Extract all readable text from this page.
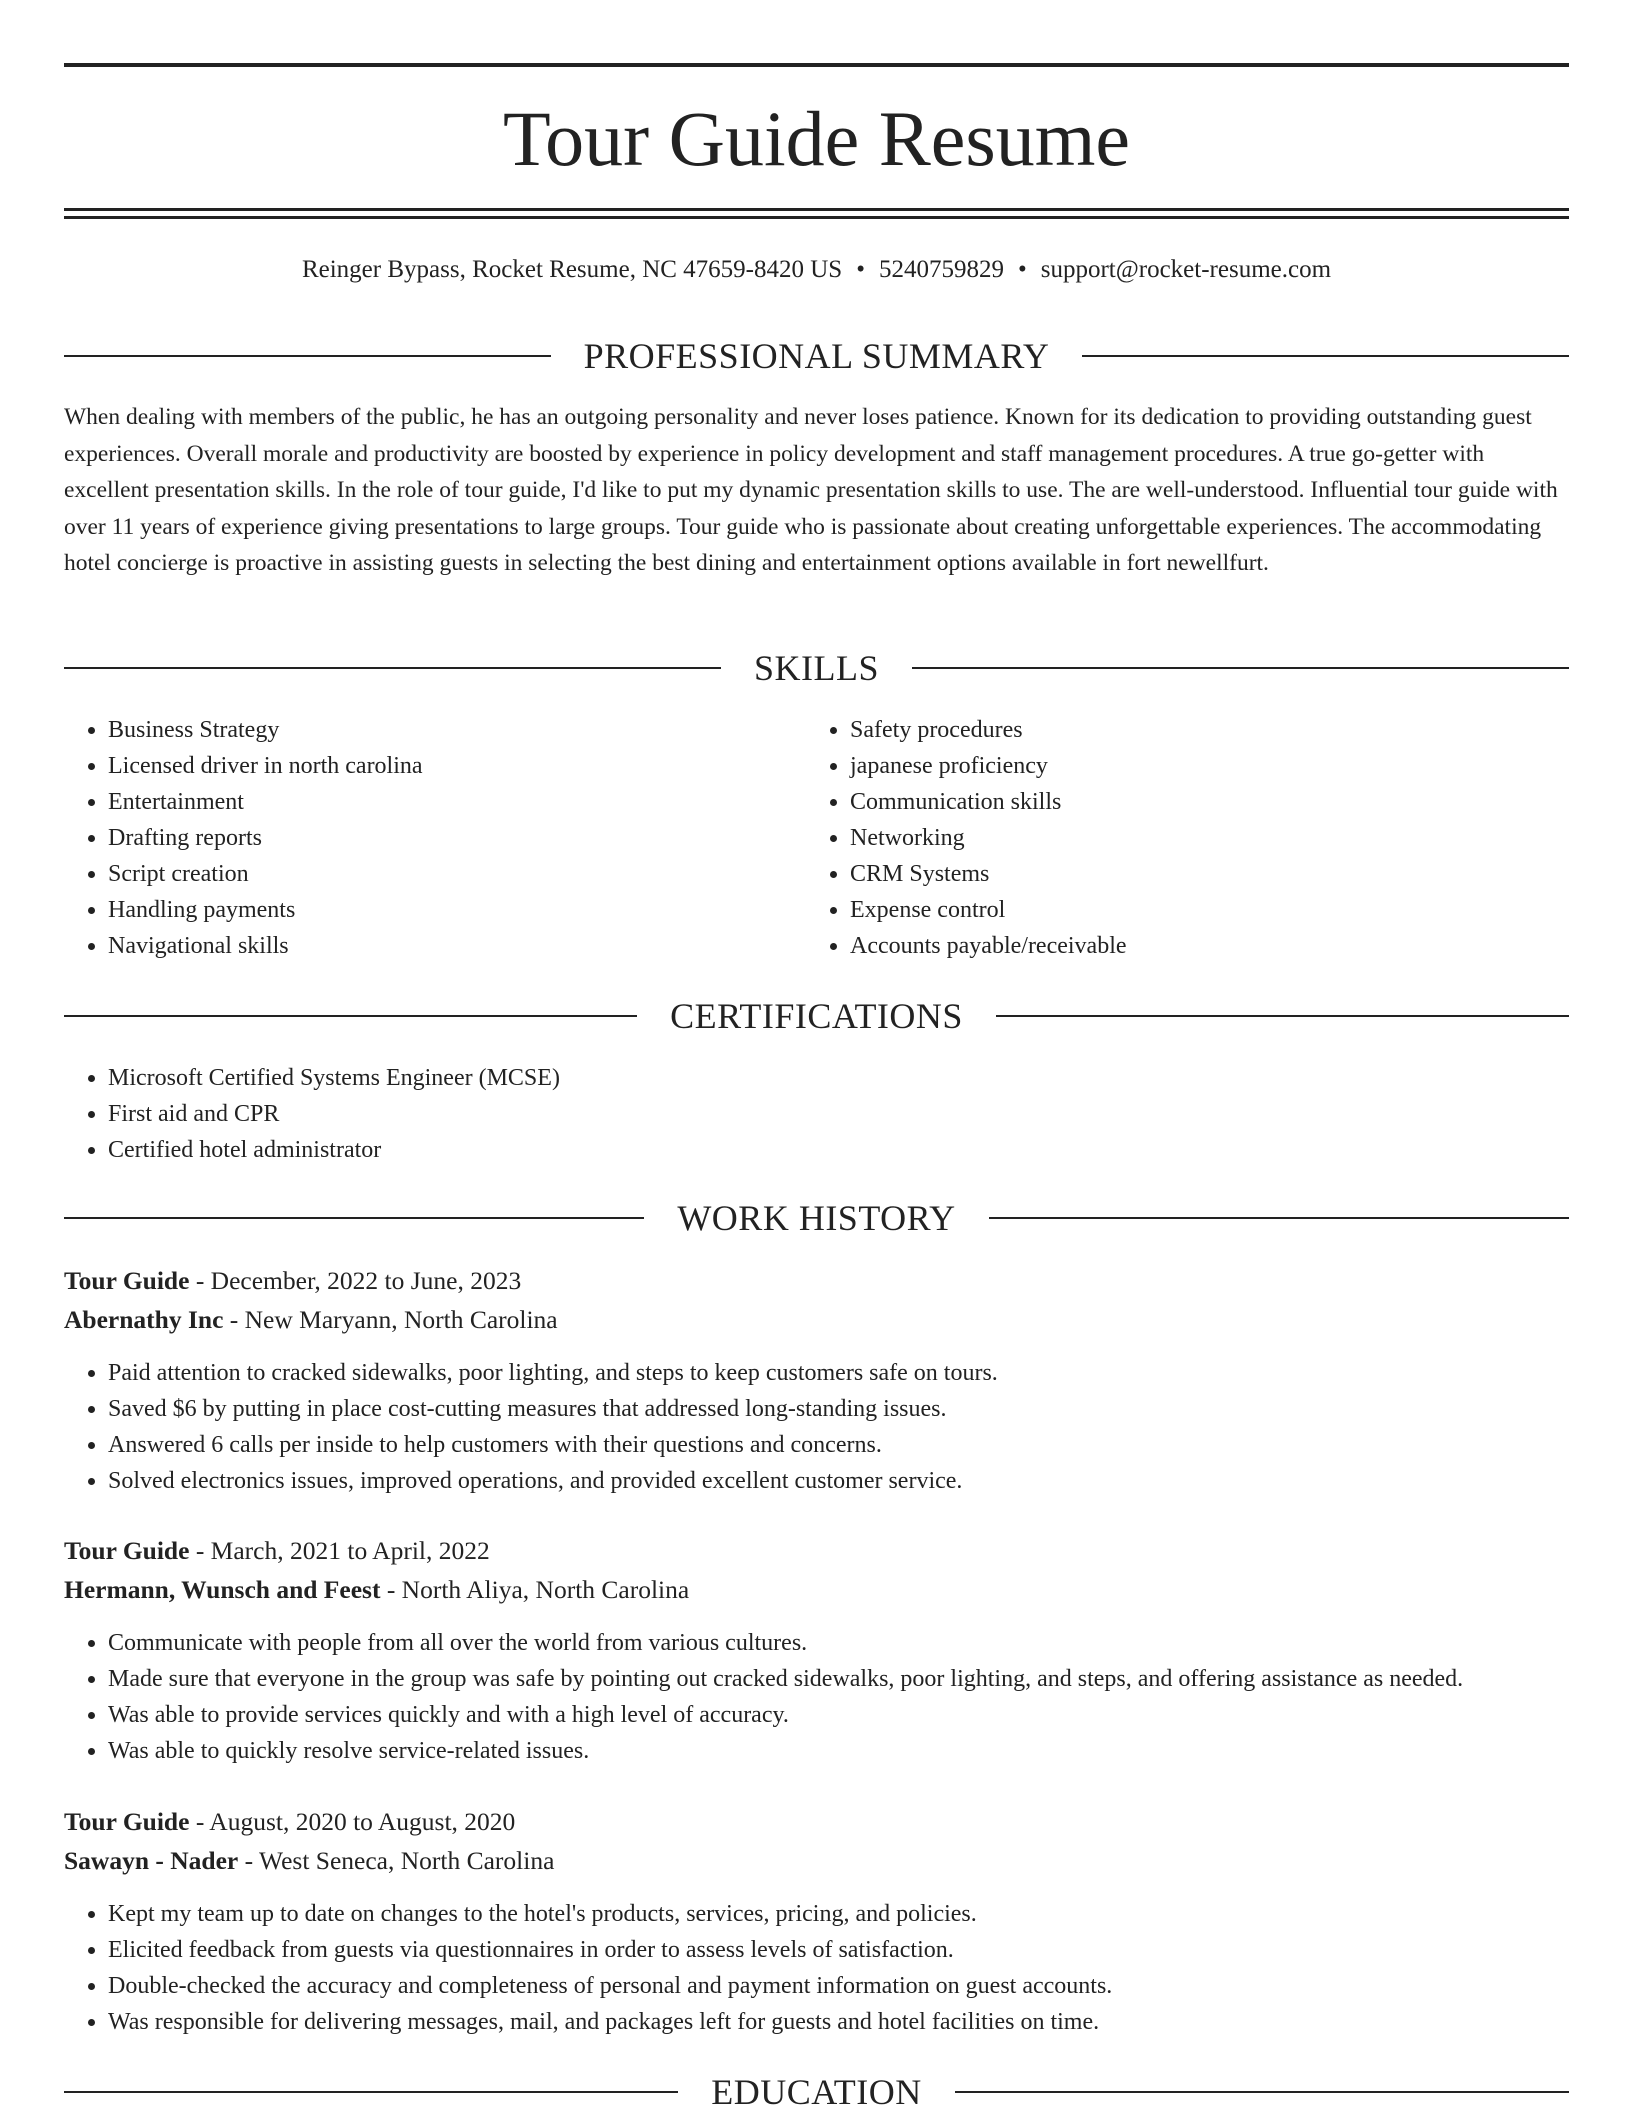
Tour Guide Resume
Reinger Bypass, Rocket Resume, NC 47659-8420 US • 5240759829 • support@rocket-resume.com
PROFESSIONAL SUMMARY

When dealing with members of the public, he has an outgoing personality and never loses patience. Known for its dedication to providing outstanding guest experiences. Overall morale and productivity are boosted by experience in policy development and staff management procedures. A true go-getter with excellent presentation skills. In the role of tour guide, I'd like to put my dynamic presentation skills to use. The are well-understood. Influential tour guide with over 11 years of experience giving presentations to large groups. Tour guide who is passionate about creating unforgettable experiences. The accommodating hotel concierge is proactive in assisting guests in selecting the best dining and entertainment options available in fort newellfurt.

SKILLS
• Business Strategy
• Licensed driver in north carolina
• Entertainment
• Drafting reports
• Script creation
• Handling payments
• Navigational skills
• Safety procedures
• japanese proficiency
• Communication skills
• Networking
• CRM Systems
• Expense control
• Accounts payable/receivable
CERTIFICATIONS
• Microsoft Certified Systems Engineer (MCSE)
• First aid and CPR
• Certified hotel administrator
WORK HISTORY
Tour Guide - December, 2022 to June, 2023
Abernathy Inc - New Maryann, North Carolina
• Paid attention to cracked sidewalks, poor lighting, and steps to keep customers safe on tours.
• Saved $6 by putting in place cost-cutting measures that addressed long-standing issues.
• Answered 6 calls per inside to help customers with their questions and concerns.
• Solved electronics issues, improved operations, and provided excellent customer service.
Tour Guide - March, 2021 to April, 2022
Hermann, Wunsch and Feest - North Aliya, North Carolina
• Communicate with people from all over the world from various cultures.
• Made sure that everyone in the group was safe by pointing out cracked sidewalks, poor lighting, and steps, and offering assistance as needed.
• Was able to provide services quickly and with a high level of accuracy.
• Was able to quickly resolve service-related issues.
Tour Guide - August, 2020 to August, 2020
Sawayn - Nader - West Seneca, North Carolina
• Kept my team up to date on changes to the hotel's products, services, pricing, and policies.
• Elicited feedback from guests via questionnaires in order to assess levels of satisfaction.
• Double-checked the accuracy and completeness of personal and payment information on guest accounts.
• Was responsible for delivering messages, mail, and packages left for guests and hotel facilities on time.
EDUCATION
